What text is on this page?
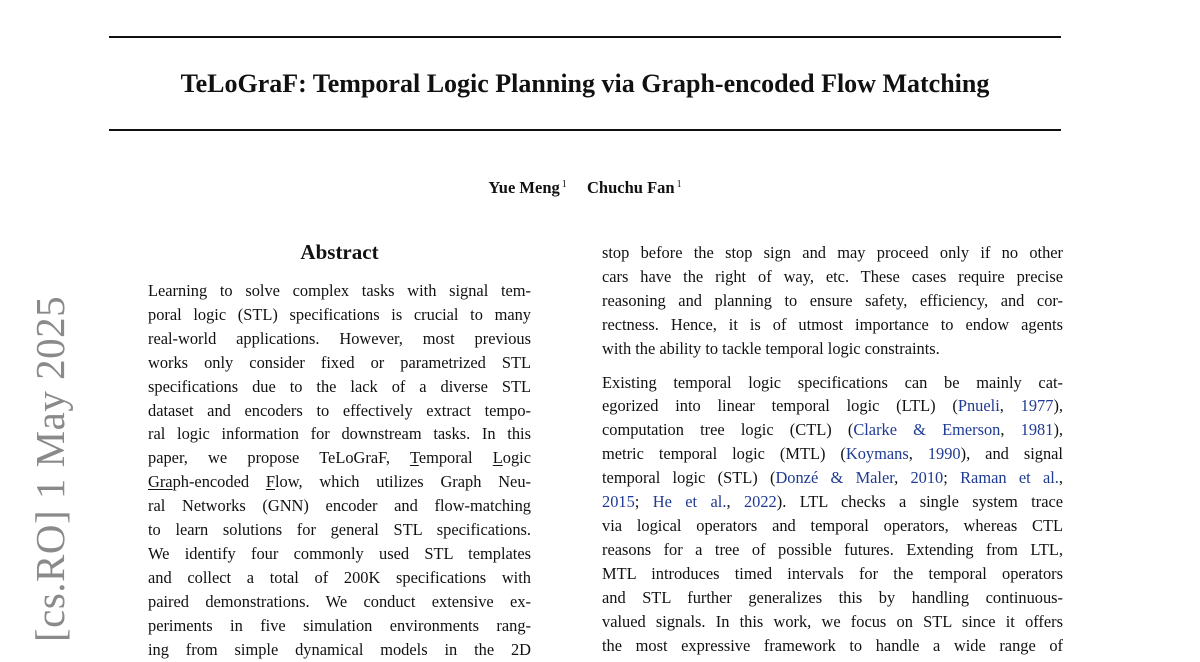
TeLoGraF: Temporal Logic Planning via Graph-encoded Flow Matching
Yue Meng $^1$ Chuchu Fan $^1$
[cs.RO] 1 May 2025
Abstract

Learning to solve complex tasks with signal tem-
poral logic (STL) specifications is crucial to many
real-world applications. However, most previous
works only consider fixed or parametrized STL
specifications due to the lack of a diverse STL
dataset and encoders to effectively extract tempo-
ral logic information for downstream tasks. In this
paper, we propose TeLoGraF, Temporal Logic
Graph-encoded Flow, which utilizes Graph Neu-
ral Networks (GNN) encoder and flow-matching
to learn solutions for general STL specifications.
We identify four commonly used STL templates
and collect a total of 200K specifications with
paired demonstrations. We conduct extensive ex-
periments in five simulation environments rang-
ing from simple dynamical models in the 2D

stop before the stop sign and may proceed only if no other
cars have the right of way, etc. These cases require precise
reasoning and planning to ensure safety, efficiency, and cor-
rectness. Hence, it is of utmost importance to endow agents
with the ability to tackle temporal logic constraints.

Existing temporal logic specifications can be mainly cat-
egorized into linear temporal logic (LTL) (Pnueli, 1977),
computation tree logic (CTL) (Clarke & Emerson, 1981),
metric temporal logic (MTL) (Koymans, 1990), and signal
temporal logic (STL) (Donzé & Maler, 2010; Raman et al.,
2015; He et al., 2022). LTL checks a single system trace
via logical operators and temporal operators, whereas CTL
reasons for a tree of possible futures. Extending from LTL,
MTL introduces timed intervals for the temporal operators
and STL further generalizes this by handling continuous-
valued signals. In this work, we focus on STL since it offers
the most expressive framework to handle a wide range of
